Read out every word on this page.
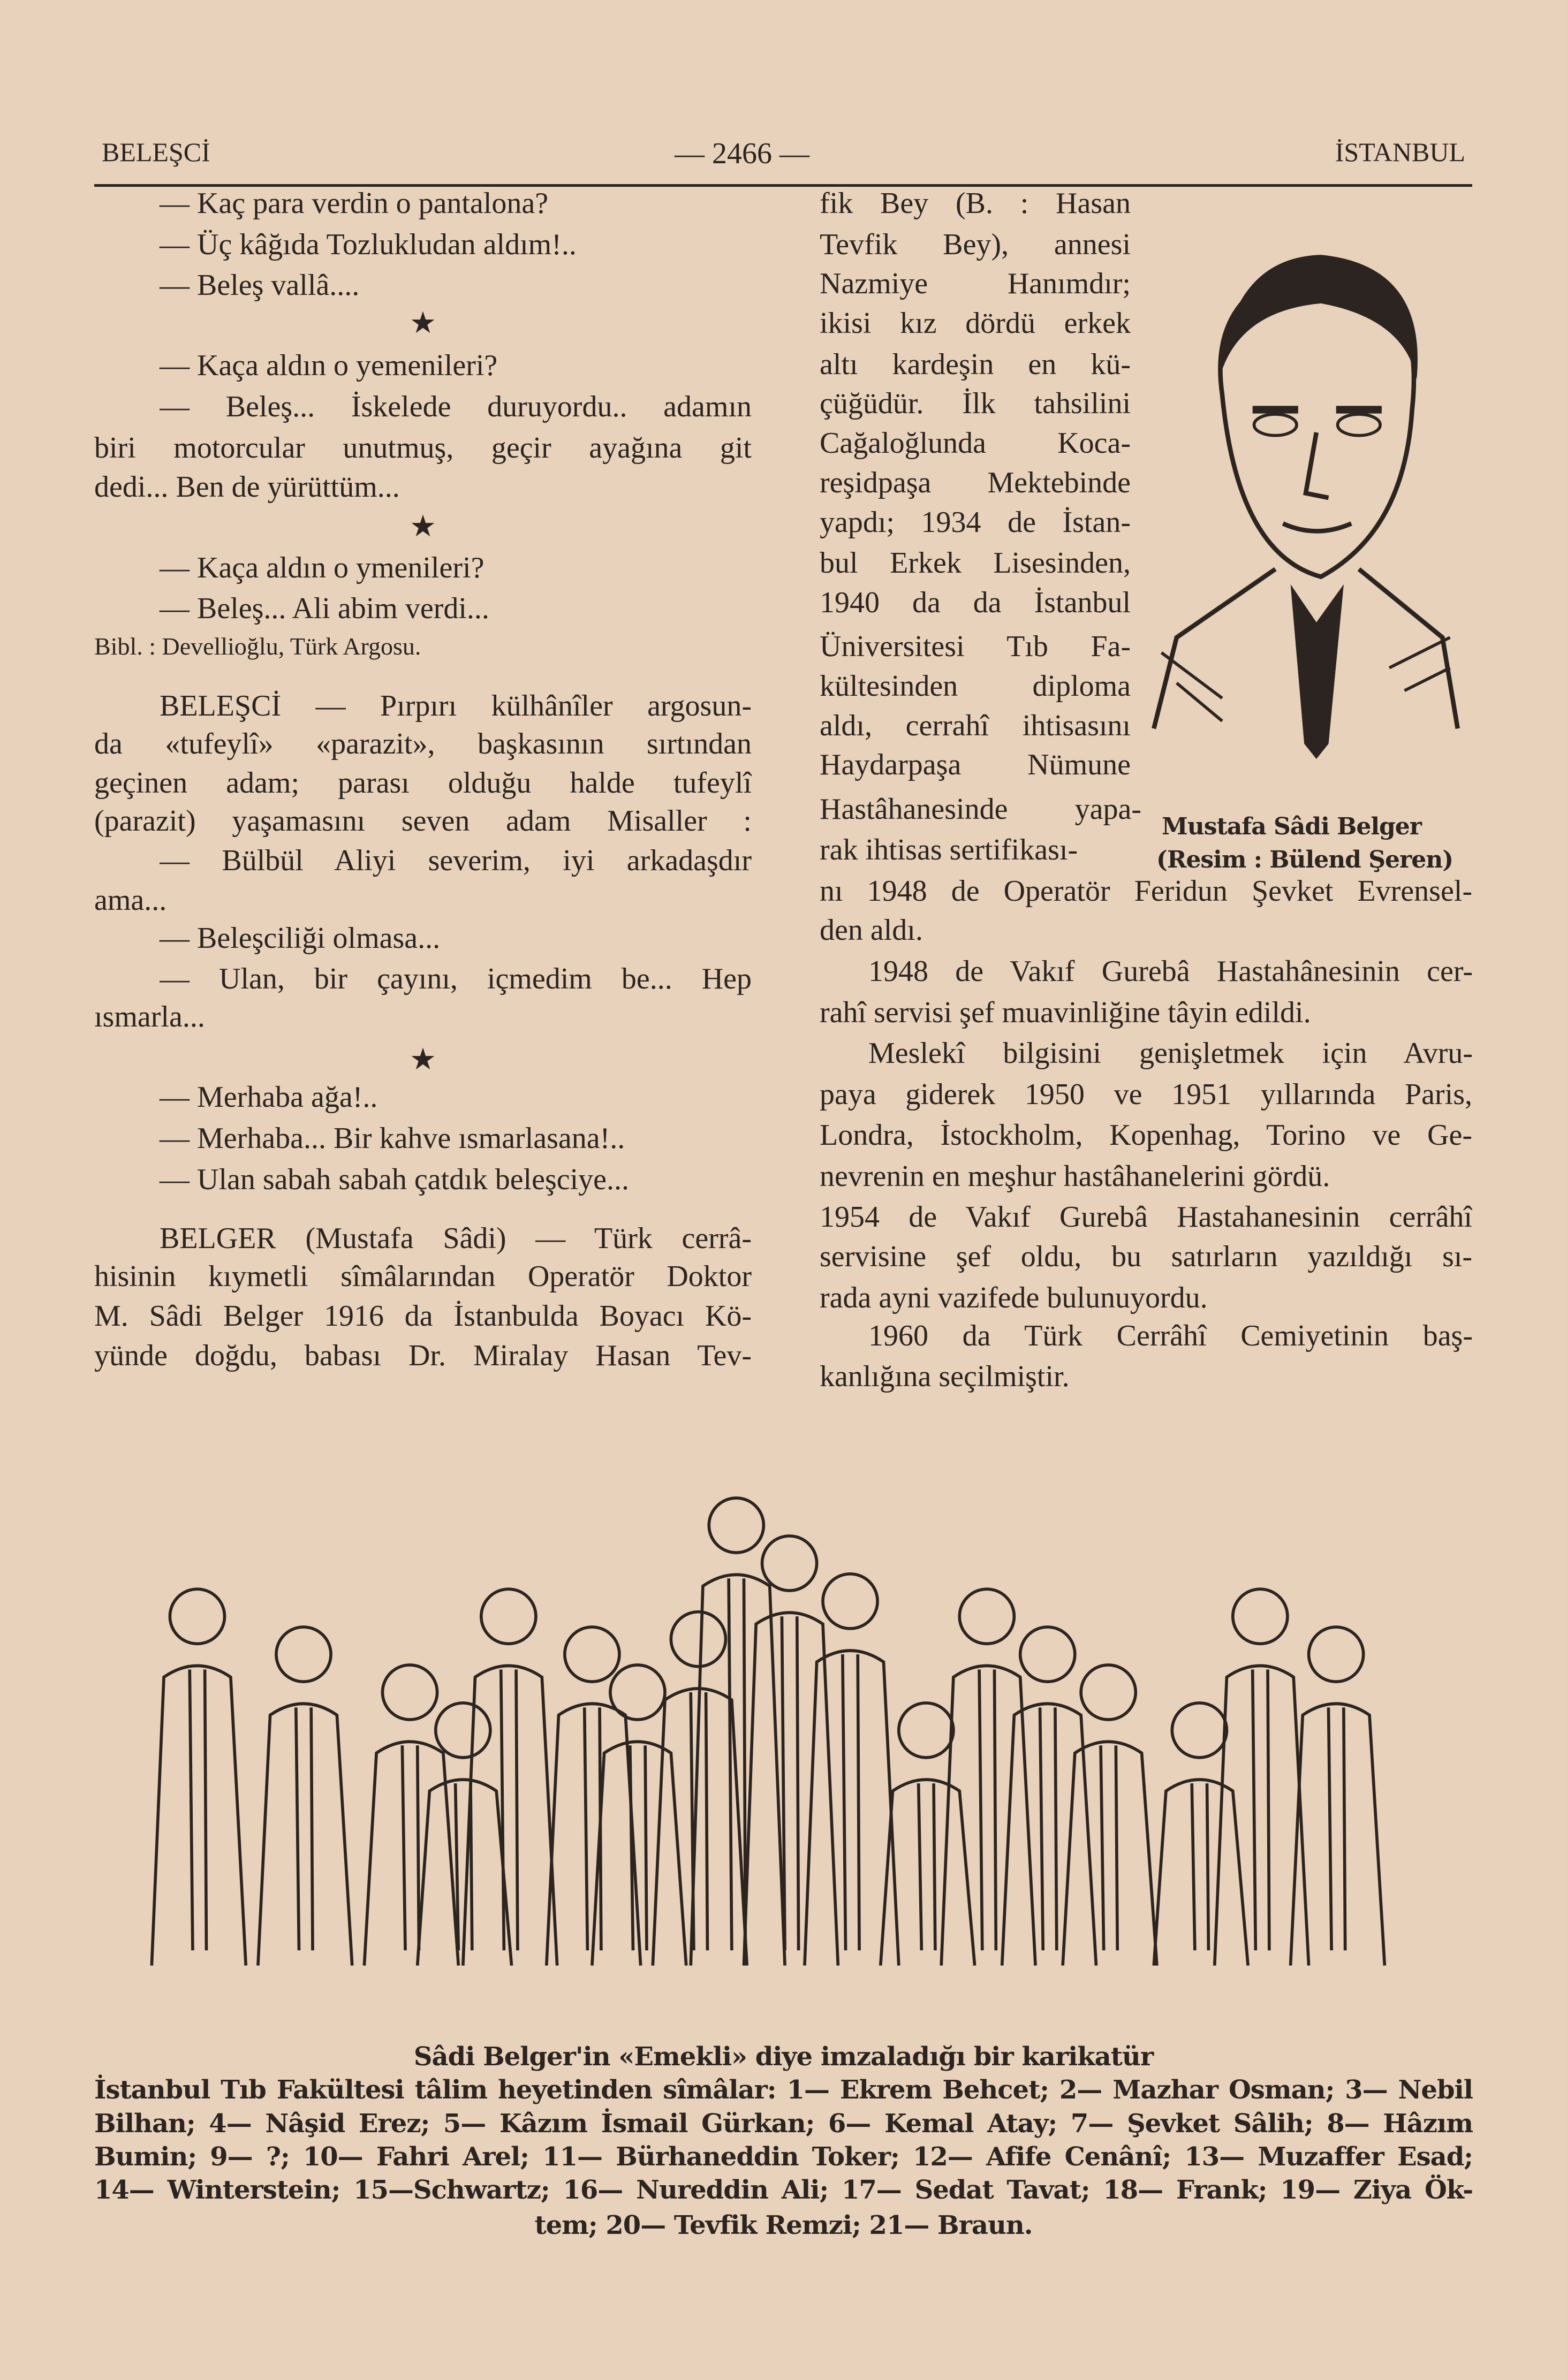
BELEŞCİ	— 2466 —	İSTANBUL
Mustafa Sâdi Belger
(Resim : Bülend Şeren)
— Kaç para verdin o pantalona?
— Üç kâğıda Tozlukludan aldım!..
— Beleş vallâ....
★
— Kaça aldın o yemenileri?
— Beleş... İskelede duruyordu.. adamın
biri motorcular unutmuş, geçir ayağına git
dedi... Ben de yürüttüm...
★
— Kaça aldın o ymenileri?
— Beleş... Ali abim verdi...
Bibl. : Devellioğlu, Türk Argosu.
BELEŞCİ — Pırpırı külhânîler argosun-
da «tufeylî» «parazit», başkasının sırtından
geçinen adam; parası olduğu halde tufeylî
(parazit) yaşamasını seven adam Misaller :
— Bülbül Aliyi severim, iyi arkadaşdır
ama...
— Beleşciliği olmasa...
— Ulan, bir çayını, içmedim be... Hep
ısmarla...
★
— Merhaba ağa!..
— Merhaba... Bir kahve ısmarlasana!..
— Ulan sabah sabah çatdık beleşciye...
BELGER (Mustafa Sâdi) — Türk cerrâ-
hisinin kıymetli sîmâlarından Operatör Doktor
M. Sâdi Belger 1916 da İstanbulda Boyacı Kö-
yünde doğdu, babası Dr. Miralay Hasan Tev-
fik Bey (B. : Hasan
Tevfik Bey), annesi
Nazmiye Hanımdır;
ikisi kız dördü erkek
altı kardeşin en kü-
çüğüdür. İlk tahsilini
Cağaloğlunda Koca-
reşidpaşa Mektebinde
yapdı; 1934 de İstan-
bul Erkek Lisesinden,
1940 da da İstanbul
Üniversitesi Tıb Fa-
kültesinden diploma
aldı, cerrahî ihtisasını
Haydarpaşa Nümune
Hastâhanesinde yapa-
rak ihtisas sertifikası-
nı 1948 de Operatör Feridun Şevket Evrensel-
den aldı.
1948 de Vakıf Gurebâ Hastahânesinin cer-
rahî servisi şef muavinliğine tâyin edildi.
Meslekî bilgisini genişletmek için Avru-
paya giderek 1950 ve 1951 yıllarında Paris,
Londra, İstockholm, Kopenhag, Torino ve Ge-
nevrenin en meşhur hastâhanelerini gördü.
1954 de Vakıf Gurebâ Hastahanesinin cerrâhî
servisine şef oldu, bu satırların yazıldığı sı-
rada ayni vazifede bulunuyordu.
1960 da Türk Cerrâhî Cemiyetinin baş-
kanlığına seçilmiştir.
Sâdi Belger'in «Emekli» diye imzaladığı bir karikatür
İstanbul Tıb Fakültesi tâlim heyetinden sîmâlar: 1— Ekrem Behcet; 2— Mazhar Osman; 3— Nebil
Bilhan; 4— Nâşid Erez; 5— Kâzım İsmail Gürkan; 6— Kemal Atay; 7— Şevket Sâlih; 8— Hâzım
Bumin; 9— ?; 10— Fahri Arel; 11— Bürhaneddin Toker; 12— Afife Cenânî; 13— Muzaffer Esad;
14— Winterstein; 15—Schwartz; 16— Nureddin Ali; 17— Sedat Tavat; 18— Frank; 19— Ziya Ök-
tem; 20— Tevfik Remzi; 21— Braun.
